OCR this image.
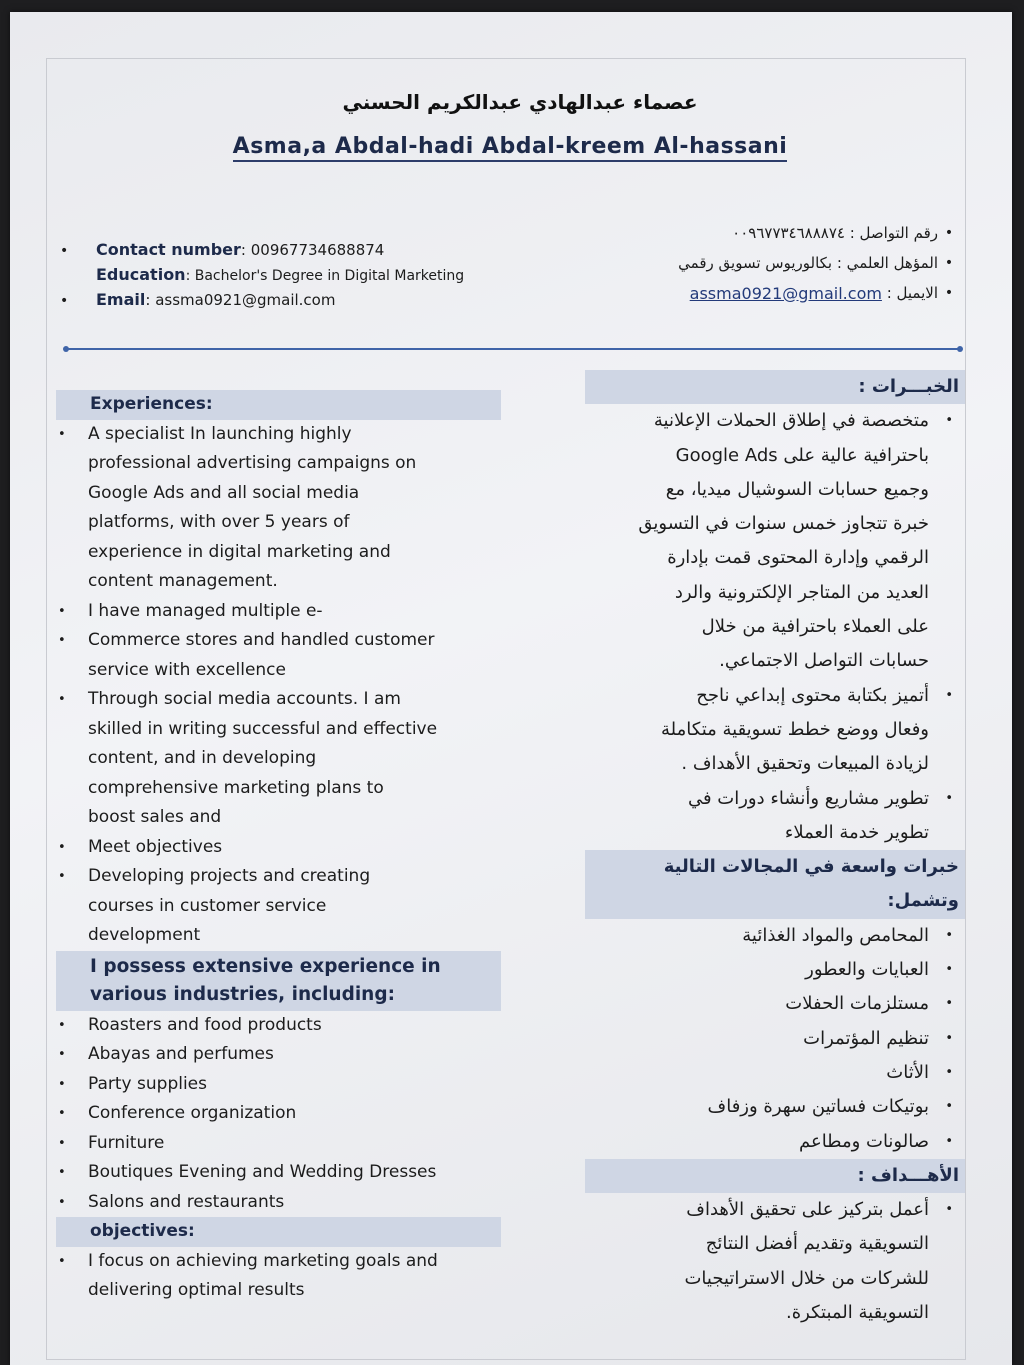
عصماء عبدالهادي عبدالكريم الحسني
Asma,a Abdal-hadi Abdal-kreem Al-hassani
•	Contact number : 00967734688874
Education : Bachelor's Degree in Digital Marketing
•	Email : assma0921@gmail.com
•
رقم التواصل : ٠٠٩٦٧٧٣٤٦٨٨٨٧٤
•
المؤهل العلمي : بكالوريوس تسويق رقمي
•
الايميل :

assma0921@gmail.com

Experiences:

• A specialist In launching highly
professional advertising campaigns on
Google Ads and all social media
platforms, with over 5 years of
experience in digital marketing and
content management.
• I have managed multiple e-
• Commerce stores and handled customer
service with excellence
• Through social media accounts. I am
skilled in writing successful and effective
content, and in developing
comprehensive marketing plans to
boost sales and
• Meet objectives
• Developing projects and creating
courses in customer service
development

I possess extensive experience in
various industries, including:

• Roasters and food products
• Abayas and perfumes
• Party supplies
• Conference organization
• Furniture
• Boutiques Evening and Wedding Dresses
• Salons and restaurants

objectives:

• I focus on achieving marketing goals and
delivering optimal results

الخبـــرات :

• متخصصة في إطلاق الحملات الإعلانية
باحترافية عالية على Google Ads
وجميع حسابات السوشيال ميديا، مع
خبرة تتجاوز خمس سنوات في التسويق
الرقمي وإدارة المحتوى قمت بإدارة
العديد من المتاجر الإلكترونية والرد
على العملاء باحترافية من خلال
حسابات التواصل الاجتماعي.
• أتميز بكتابة محتوى إبداعي ناجح
وفعال ووضع خطط تسويقية متكاملة
لزيادة المبيعات وتحقيق الأهداف .
• تطوير مشاريع وأنشاء دورات في
تطوير خدمة العملاء

خبرات واسعة في المجالات التالية وتشمل:

• المحامص والمواد الغذائية
• العبايات والعطور
• مستلزمات الحفلات
• تنظيم المؤتمرات
• الأثاث
• بوتيكات فساتين سهرة وزفاف
• صالونات ومطاعم

الأهـــداف :

• أعمل بتركيز على تحقيق الأهداف
التسويقية وتقديم أفضل النتائج
للشركات من خلال الاستراتيجيات
التسويقية المبتكرة.
